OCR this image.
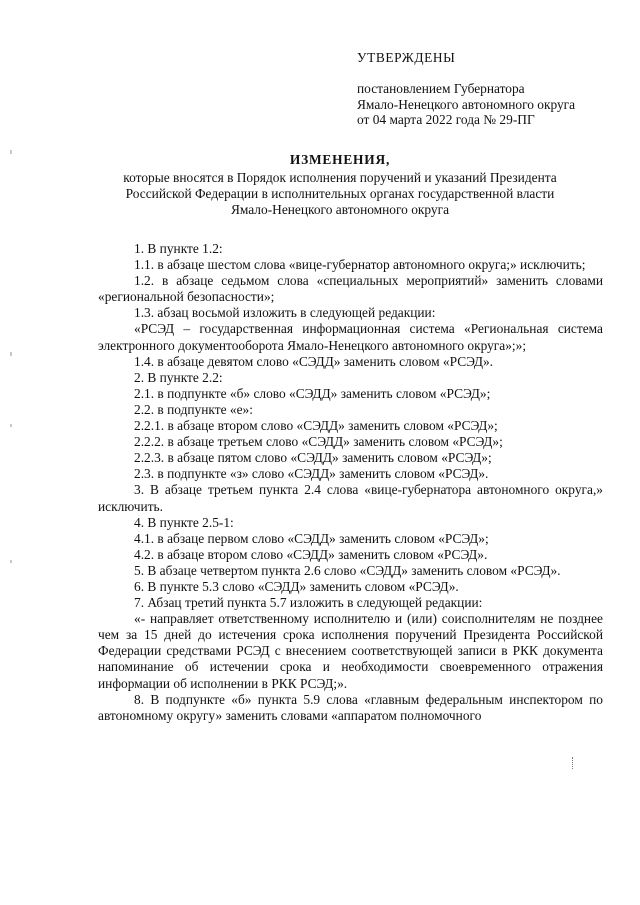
УТВЕРЖДЕНЫ
постановлением Губернатора
Ямало-Ненецкого автономного округа
от 04 марта 2022 года № 29-ПГ
ИЗМЕНЕНИЯ,
которые вносятся в Порядок исполнения поручений и указаний Президента
Российской Федерации в исполнительных органах государственной власти
Ямало-Ненецкого автономного округа

1. В пункте 1.2:

1.1. в абзаце шестом слова «вице-губернатор автономного округа;» исключить;

1.2. в абзаце седьмом слова «специальных мероприятий» заменить словами «региональной безопасности»;

1.3. абзац восьмой изложить в следующей редакции:

«РСЭД – государственная информационная система «Региональная система электронного документооборота Ямало-Ненецкого автономного округа»;»;

1.4. в абзаце девятом слово «СЭДД» заменить словом «РСЭД».

2. В пункте 2.2:

2.1. в подпункте «б» слово «СЭДД» заменить словом «РСЭД»;

2.2. в подпункте «е»:

2.2.1. в абзаце втором слово «СЭДД» заменить словом «РСЭД»;

2.2.2. в абзаце третьем слово «СЭДД» заменить словом «РСЭД»;

2.2.3. в абзаце пятом слово «СЭДД» заменить словом «РСЭД»;

2.3. в подпункте «з» слово «СЭДД» заменить словом «РСЭД».

3. В абзаце третьем пункта 2.4 слова «вице-губернатора автономного округа,» исключить.

4. В пункте 2.5-1:

4.1. в абзаце первом слово «СЭДД» заменить словом «РСЭД»;

4.2. в абзаце втором слово «СЭДД» заменить словом «РСЭД».

5. В абзаце четвертом пункта 2.6 слово «СЭДД» заменить словом «РСЭД».

6. В пункте 5.3 слово «СЭДД» заменить словом «РСЭД».

7. Абзац третий пункта 5.7 изложить в следующей редакции:

«- направляет ответственному исполнителю и (или) соисполнителям не позднее чем за 15 дней до истечения срока исполнения поручений Президента Российской Федерации средствами РСЭД с внесением соответствующей записи в РКК документа напоминание об истечении срока и необходимости своевременного отражения информации об исполнении в РКК РСЭД;».

8. В подпункте «б» пункта 5.9 слова «главным федеральным инспектором по автономному округу» заменить словами «аппаратом полномочного
